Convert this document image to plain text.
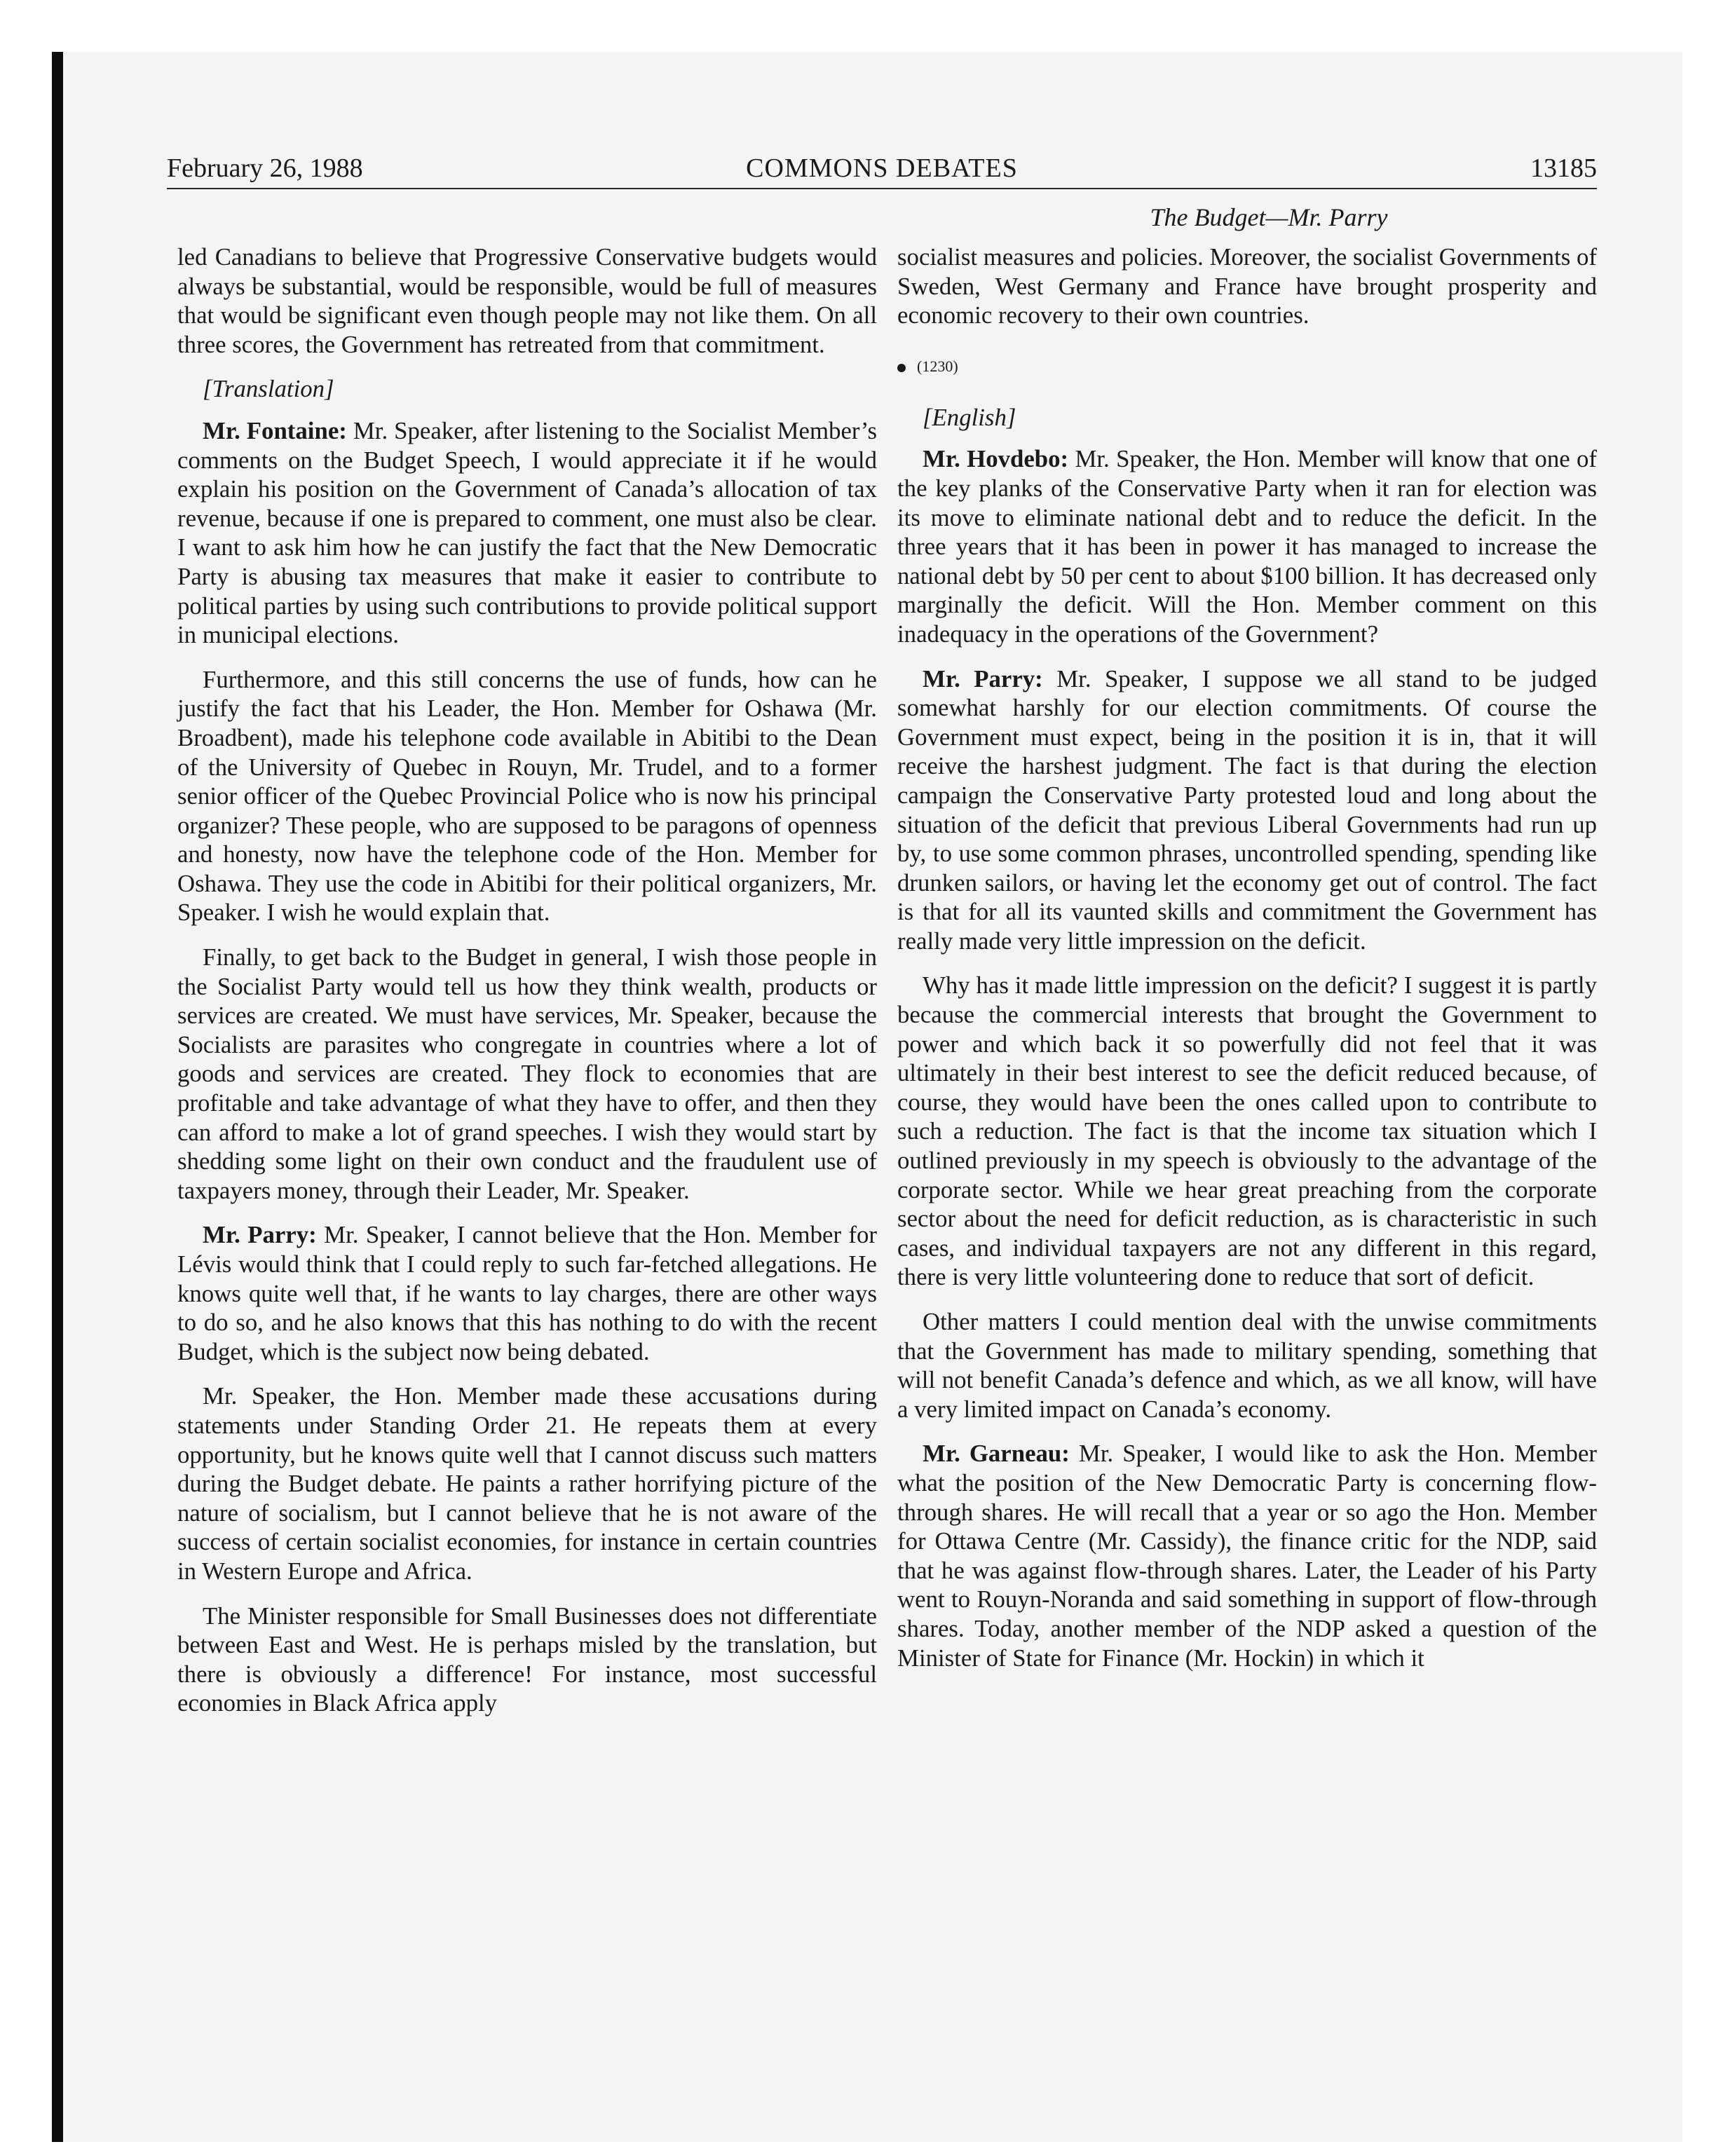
February 26, 1988	COMMONS DEBATES	13185
The Budget—Mr. Parry

led Canadians to believe that Progressive Conservative budgets would always be substantial, would be responsible, would be full of measures that would be significant even though people may not like them. On all three scores, the Government has retreated from that commitment.

[Translation]

Mr. Fontaine: Mr. Speaker, after listening to the Socialist Member’s comments on the Budget Speech, I would appreciate it if he would explain his position on the Government of Canada’s allocation of tax revenue, because if one is prepared to comment, one must also be clear. I want to ask him how he can justify the fact that the New Democratic Party is abusing tax measures that make it easier to contribute to political parties by using such contributions to provide political support in municipal elections.

Furthermore, and this still concerns the use of funds, how can he justify the fact that his Leader, the Hon. Member for Oshawa (Mr. Broadbent), made his telephone code available in Abitibi to the Dean of the University of Quebec in Rouyn, Mr. Trudel, and to a former senior officer of the Quebec Provincial Police who is now his principal organizer? These people, who are supposed to be paragons of openness and honesty, now have the telephone code of the Hon. Member for Oshawa. They use the code in Abitibi for their political organizers, Mr. Speaker. I wish he would explain that.

Finally, to get back to the Budget in general, I wish those people in the Socialist Party would tell us how they think wealth, products or services are created. We must have services, Mr. Speaker, because the Socialists are parasites who congregate in countries where a lot of goods and services are created. They flock to economies that are profitable and take advantage of what they have to offer, and then they can afford to make a lot of grand speeches. I wish they would start by shedding some light on their own conduct and the fraudulent use of taxpayers money, through their Leader, Mr. Speaker.

Mr. Parry: Mr. Speaker, I cannot believe that the Hon. Member for Lévis would think that I could reply to such far-fetched allegations. He knows quite well that, if he wants to lay charges, there are other ways to do so, and he also knows that this has nothing to do with the recent Budget, which is the subject now being debated.

Mr. Speaker, the Hon. Member made these accusations during statements under Standing Order 21. He repeats them at every opportunity, but he knows quite well that I cannot discuss such matters during the Budget debate. He paints a rather horrifying picture of the nature of socialism, but I cannot believe that he is not aware of the success of certain socialist economies, for instance in certain countries in Western Europe and Africa.

The Minister responsible for Small Businesses does not differentiate between East and West. He is perhaps misled by the translation, but there is obviously a difference! For instance, most successful economies in Black Africa apply

socialist measures and policies. Moreover, the socialist Governments of Sweden, West Germany and France have brought prosperity and economic recovery to their own countries.

(1230)

[English]

Mr. Hovdebo: Mr. Speaker, the Hon. Member will know that one of the key planks of the Conservative Party when it ran for election was its move to eliminate national debt and to reduce the deficit. In the three years that it has been in power it has managed to increase the national debt by 50 per cent to about $100 billion. It has decreased only marginally the deficit. Will the Hon. Member comment on this inadequacy in the operations of the Government?

Mr. Parry: Mr. Speaker, I suppose we all stand to be judged somewhat harshly for our election commitments. Of course the Government must expect, being in the position it is in, that it will receive the harshest judgment. The fact is that during the election campaign the Conservative Party protested loud and long about the situation of the deficit that previous Liberal Governments had run up by, to use some common phrases, uncontrolled spending, spending like drunken sailors, or having let the economy get out of control. The fact is that for all its vaunted skills and commitment the Government has really made very little impression on the deficit.

Why has it made little impression on the deficit? I suggest it is partly because the commercial interests that brought the Government to power and which back it so powerfully did not feel that it was ultimately in their best interest to see the deficit reduced because, of course, they would have been the ones called upon to contribute to such a reduction. The fact is that the income tax situation which I outlined previously in my speech is obviously to the advantage of the corporate sector. While we hear great preaching from the corporate sector about the need for deficit reduction, as is characteristic in such cases, and individual taxpayers are not any different in this regard, there is very little volunteering done to reduce that sort of deficit.

Other matters I could mention deal with the unwise commitments that the Government has made to military spending, something that will not benefit Canada’s defence and which, as we all know, will have a very limited impact on Canada’s economy.

Mr. Garneau: Mr. Speaker, I would like to ask the Hon. Member what the position of the New Democratic Party is concerning flow-through shares. He will recall that a year or so ago the Hon. Member for Ottawa Centre (Mr. Cassidy), the finance critic for the NDP, said that he was against flow-through shares. Later, the Leader of his Party went to Rouyn-Noranda and said something in support of flow-through shares. Today, another member of the NDP asked a question of the Minister of State for Finance (Mr. Hockin) in which it
